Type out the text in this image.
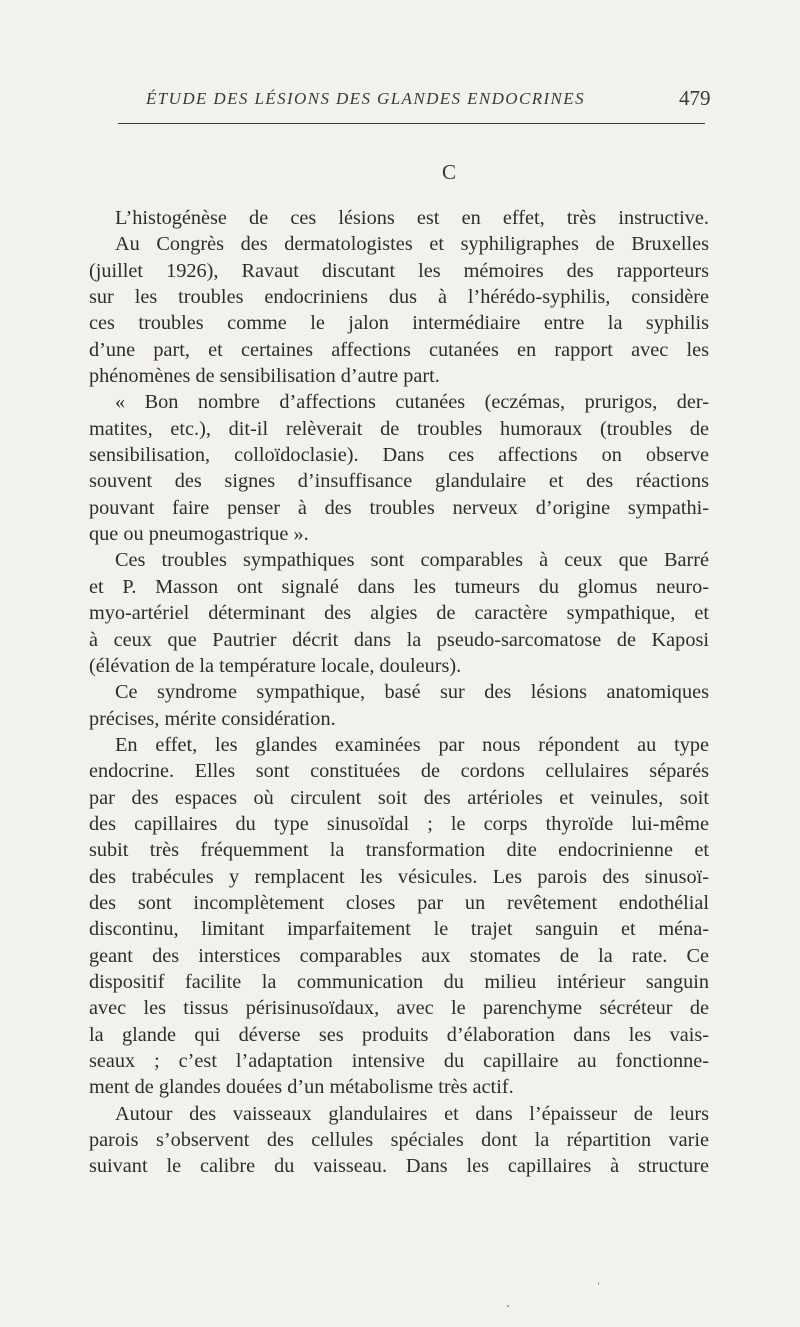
ÉTUDE DES LÉSIONS DES GLANDES ENDOCRINES	479
C
L’histogénèse de ces lésions est en effet, très instructive.
Au Congrès des dermatologistes et syphiligraphes de Bruxelles
(juillet 1926), Ravaut discutant les mémoires des rapporteurs
sur les troubles endocriniens dus à l’hérédo-syphilis, considère
ces troubles comme le jalon intermédiaire entre la syphilis
d’une part, et certaines affections cutanées en rapport avec les
phénomènes de sensibilisation d’autre part.
« Bon nombre d’affections cutanées (eczémas, prurigos, der-
matites, etc.), dit-il relèverait de troubles humoraux (troubles de
sensibilisation, colloïdoclasie). Dans ces affections on observe
souvent des signes d’insuffisance glandulaire et des réactions
pouvant faire penser à des troubles nerveux d’origine sympathi-
que ou pneumogastrique ».
Ces troubles sympathiques sont comparables à ceux que Barré
et P. Masson ont signalé dans les tumeurs du glomus neuro-
myo-artériel déterminant des algies de caractère sympathique, et
à ceux que Pautrier décrit dans la pseudo-sarcomatose de Kaposi
(élévation de la température locale, douleurs).
Ce syndrome sympathique, basé sur des lésions anatomiques
précises, mérite considération.
En effet, les glandes examinées par nous répondent au type
endocrine. Elles sont constituées de cordons cellulaires séparés
par des espaces où circulent soit des artérioles et veinules, soit
des capillaires du type sinusoïdal ; le corps thyroïde lui-même
subit très fréquemment la transformation dite endocrinienne et
des trabécules y remplacent les vésicules. Les parois des sinusoï-
des sont incomplètement closes par un revêtement endothélial
discontinu, limitant imparfaitement le trajet sanguin et ména-
geant des interstices comparables aux stomates de la rate. Ce
dispositif facilite la communication du milieu intérieur sanguin
avec les tissus périsinusoïdaux, avec le parenchyme sécréteur de
la glande qui déverse ses produits d’élaboration dans les vais-
seaux ; c’est l’adaptation intensive du capillaire au fonctionne-
ment de glandes douées d’un métabolisme très actif.
Autour des vaisseaux glandulaires et dans l’épaisseur de leurs
parois s’observent des cellules spéciales dont la répartition varie
suivant le calibre du vaisseau. Dans les capillaires à structure
